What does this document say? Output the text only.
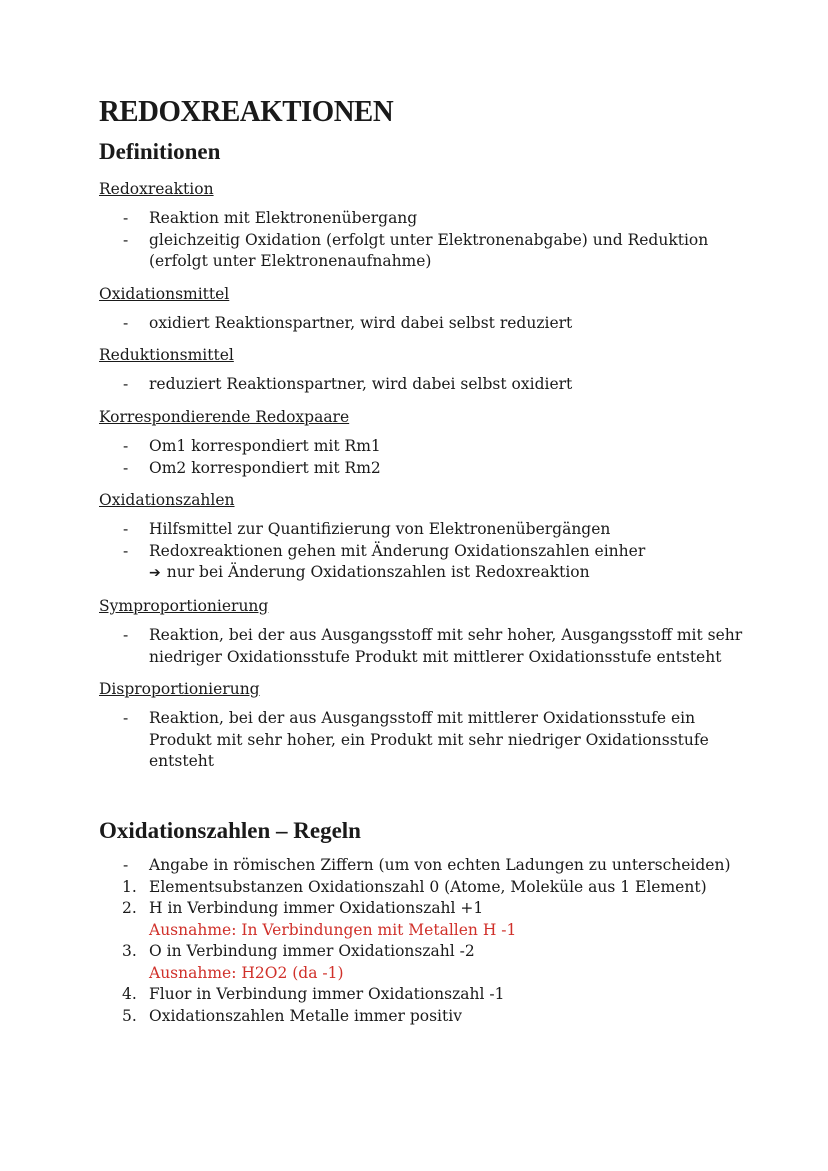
REDOXREAKTIONEN
Definitionen
Redoxreaktion
- Reaktion mit Elektronenübergang
- gleichzeitig Oxidation (erfolgt unter Elektronenabgabe) und Reduktion (erfolgt unter Elektronenaufnahme)
Oxidationsmittel
- oxidiert Reaktionspartner, wird dabei selbst reduziert
Reduktionsmittel
- reduziert Reaktionspartner, wird dabei selbst oxidiert
Korrespondierende Redoxpaare
- Om1 korrespondiert mit Rm1
- Om2 korrespondiert mit Rm2
Oxidationszahlen
- Hilfsmittel zur Quantifizierung von Elektronenübergängen
- Redoxreaktionen gehen mit Änderung Oxidationszahlen einher
➔ nur bei Änderung Oxidationszahlen ist Redoxreaktion
Symproportionierung
- Reaktion, bei der aus Ausgangsstoff mit sehr hoher, Ausgangsstoff mit sehr niedriger Oxidationsstufe Produkt mit mittlerer Oxidationsstufe entsteht
Disproportionierung
- Reaktion, bei der aus Ausgangsstoff mit mittlerer Oxidationsstufe ein Produkt mit sehr hoher, ein Produkt mit sehr niedriger Oxidationsstufe entsteht
Oxidationszahlen – Regeln
- Angabe in römischen Ziffern (um von echten Ladungen zu unterscheiden)
1. Elementsubstanzen Oxidationszahl 0 (Atome, Moleküle aus 1 Element)
2. H in Verbindung immer Oxidationszahl +1
Ausnahme: In Verbindungen mit Metallen H -1
3. O in Verbindung immer Oxidationszahl -2
Ausnahme: H2O2 (da -1)
4. Fluor in Verbindung immer Oxidationszahl -1
5. Oxidationszahlen Metalle immer positiv
